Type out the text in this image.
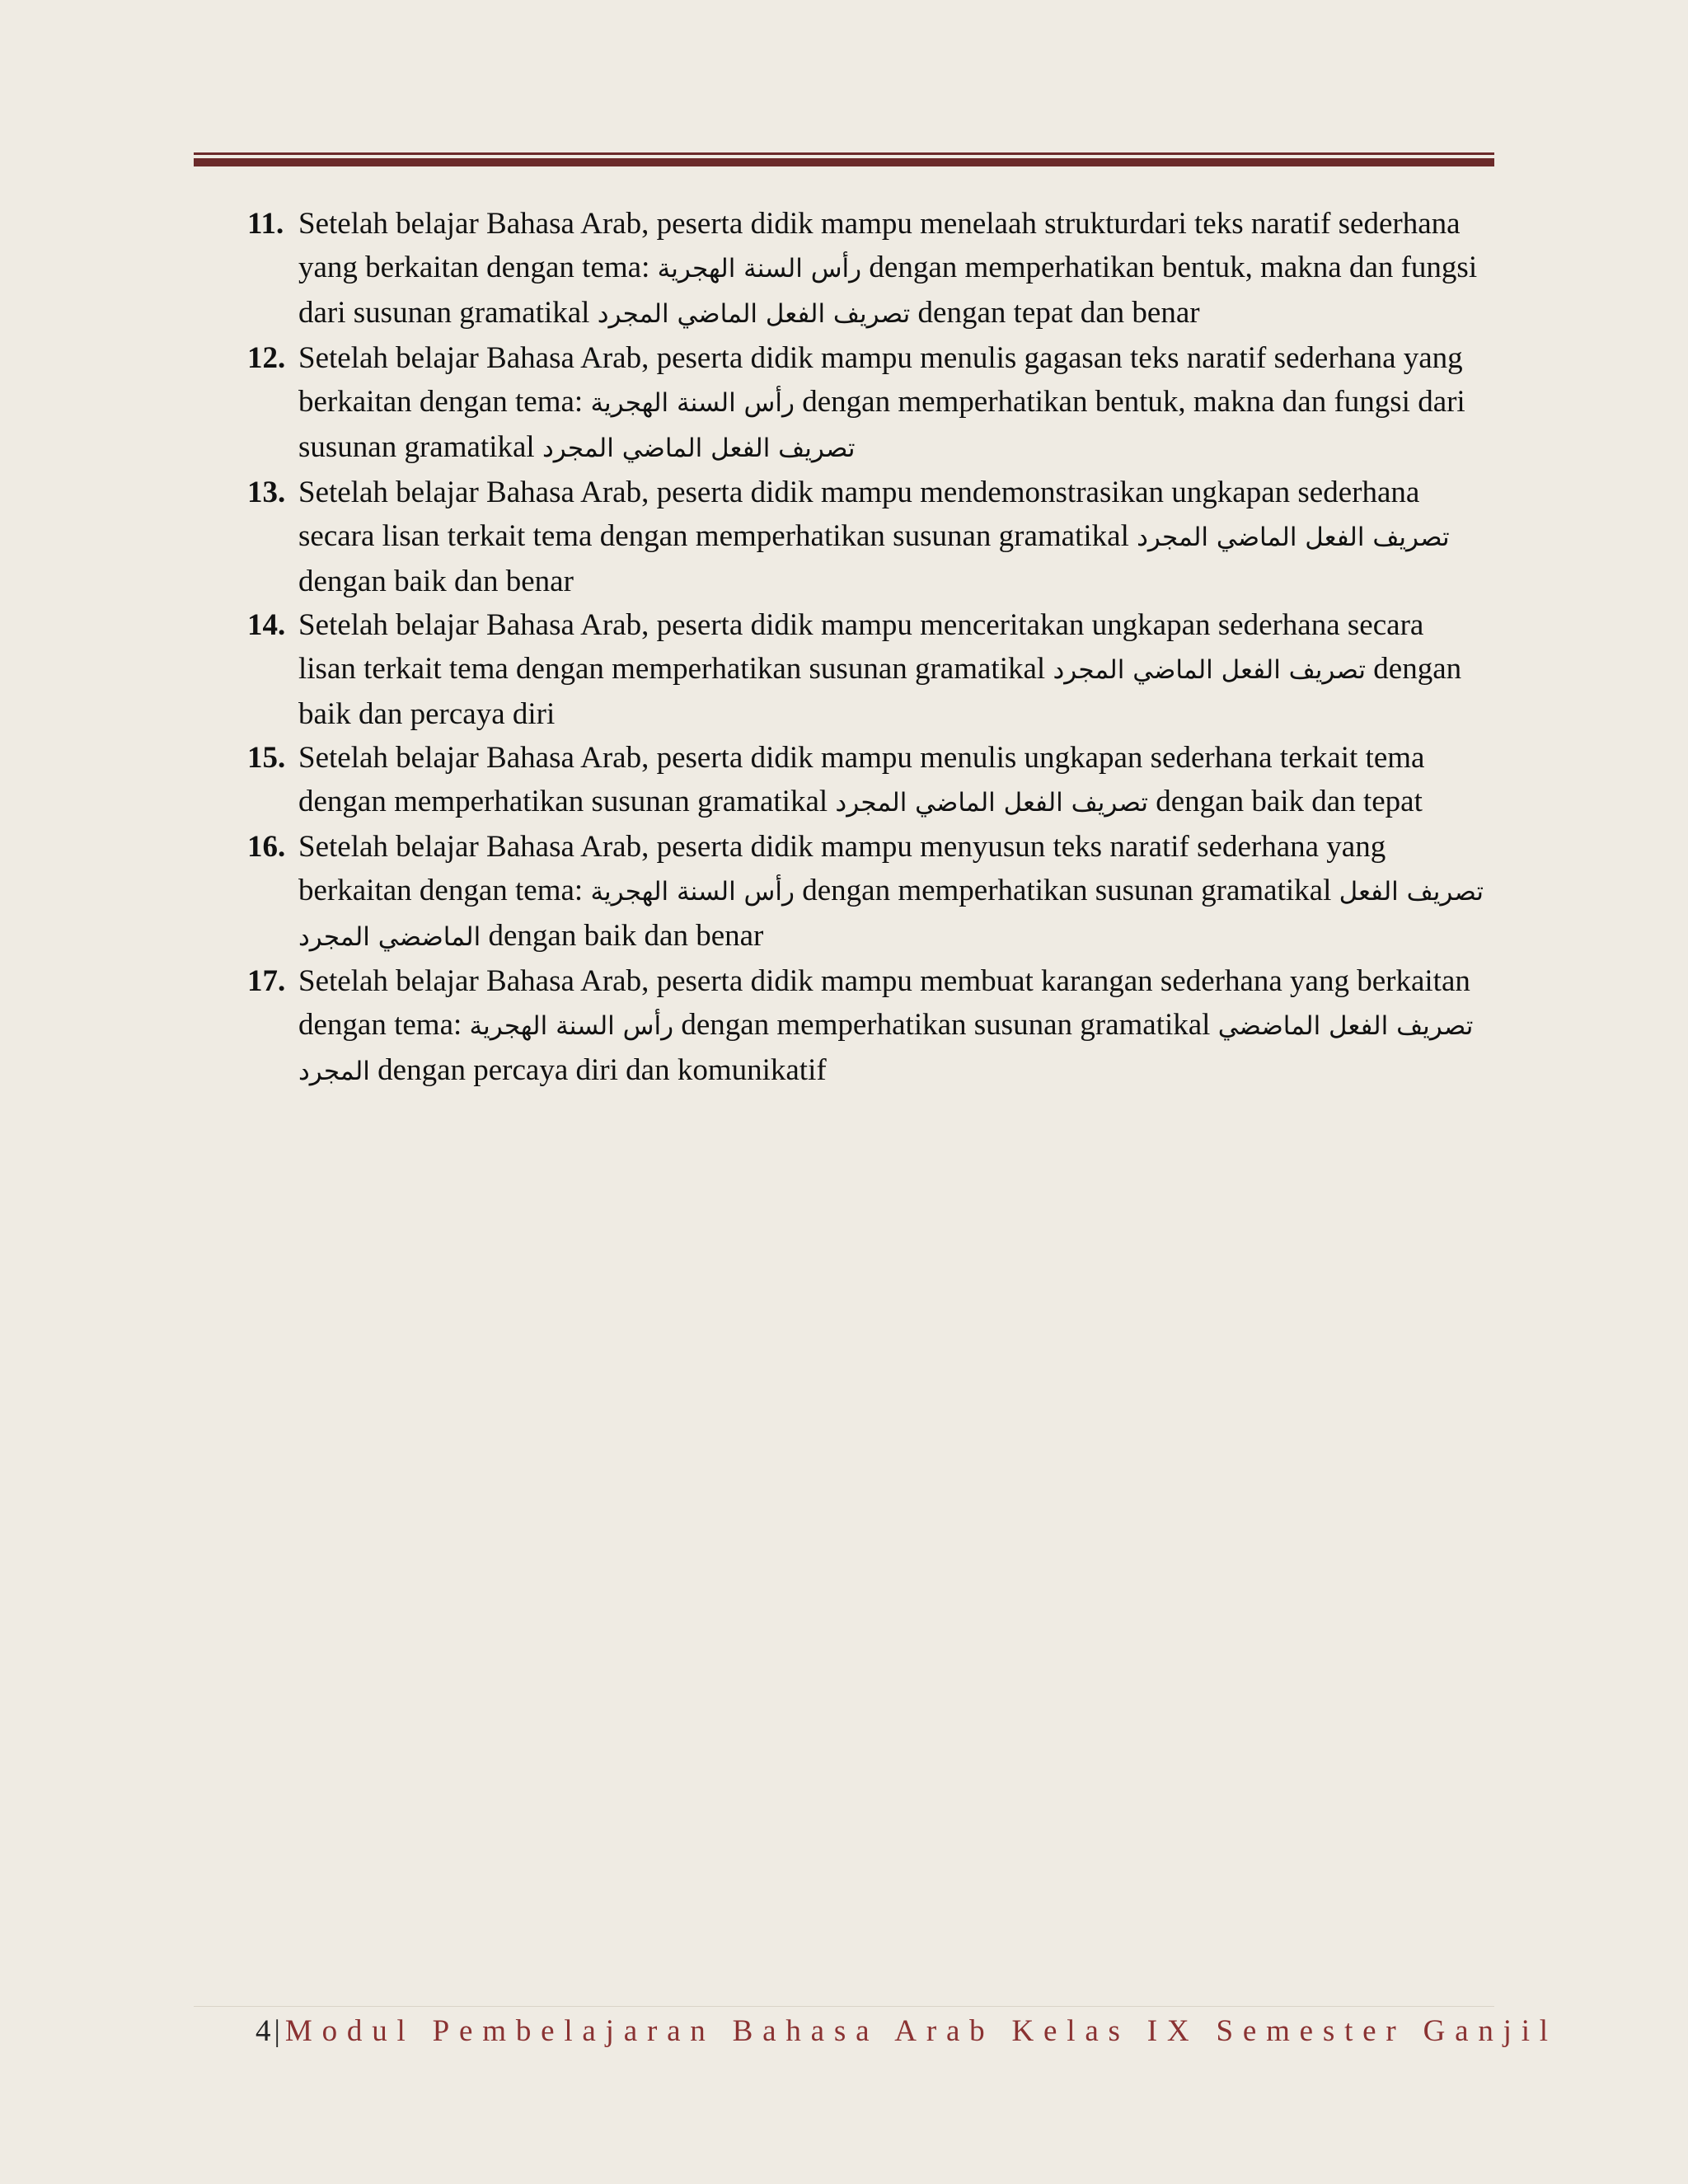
11. Setelah belajar Bahasa Arab, peserta didik mampu menelaah strukturdari teks naratif sederhana yang berkaitan dengan tema: رأس السنة الهجرية dengan memperhatikan bentuk, makna dan fungsi dari susunan gramatikal تصريف الفعل الماضي المجرد dengan tepat dan benar
12. Setelah belajar Bahasa Arab, peserta didik mampu menulis gagasan teks naratif sederhana yang berkaitan dengan tema: رأس السنة الهجرية dengan memperhatikan bentuk, makna dan fungsi dari susunan gramatikal تصريف الفعل الماضي المجرد
13. Setelah belajar Bahasa Arab, peserta didik mampu mendemonstrasikan ungkapan sederhana secara lisan terkait tema dengan memperhatikan susunan gramatikal تصريف الفعل الماضي المجرد dengan baik dan benar
14. Setelah belajar Bahasa Arab, peserta didik mampu menceritakan ungkapan sederhana secara lisan terkait tema dengan memperhatikan susunan gramatikal تصريف الفعل الماضي المجرد dengan baik dan percaya diri
15. Setelah belajar Bahasa Arab, peserta didik mampu menulis ungkapan sederhana terkait tema dengan memperhatikan susunan gramatikal تصريف الفعل الماضي المجرد dengan baik dan tepat
16. Setelah belajar Bahasa Arab, peserta didik mampu menyusun teks naratif sederhana yang berkaitan dengan tema: رأس السنة الهجرية dengan memperhatikan susunan gramatikal تصريف الفعل الماضضي المجرد dengan baik dan benar
17. Setelah belajar Bahasa Arab, peserta didik mampu membuat karangan sederhana yang berkaitan dengan tema: رأس السنة الهجرية dengan memperhatikan susunan gramatikal تصريف الفعل الماضضي المجرد dengan percaya diri dan komunikatif
4 | Modul Pembelajaran Bahasa Arab Kelas IX Semester Ganjil
